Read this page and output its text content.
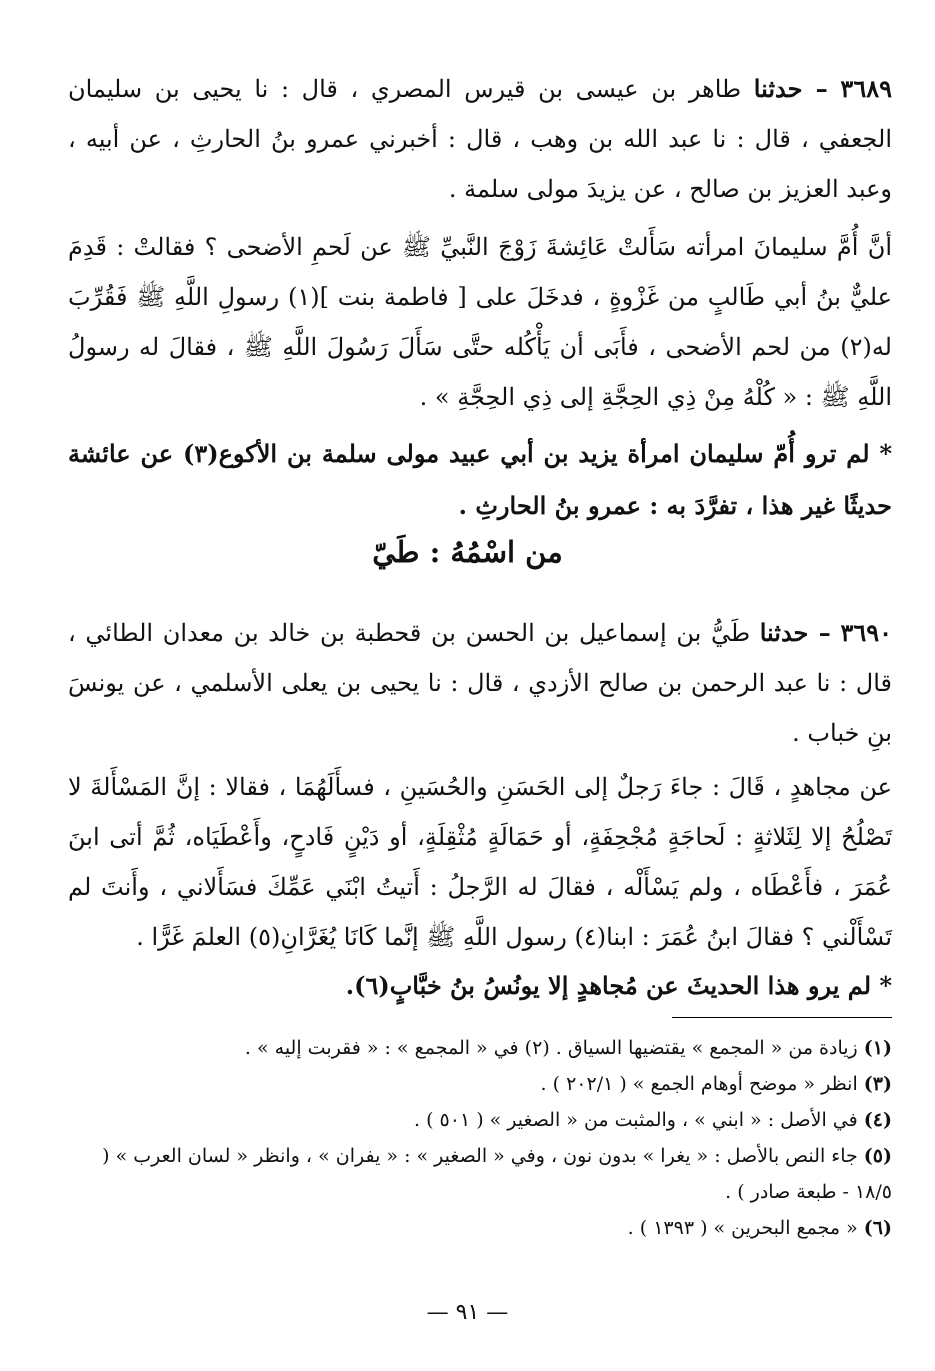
٣٦٨٩ – حدثنا طاهر بن عيسى بن قيرس المصري ، قال : نا يحيى بن سليمان الجعفي ، قال : نا عبد الله بن وهب ، قال : أخبرني عمرو بنُ الحارثِ ، عن أبيه ، وعبد العزيز بن صالح ، عن يزيدَ مولى سلمة .
أنَّ أُمَّ سليمانَ امرأته سَأَلتْ عَائِشةَ زَوْجَ النَّبيِّ ﷺ عن لَحمِ الأضحى ؟ فقالتْ : قَدِمَ عليٌّ بنُ أبي طَالبٍ من غَزْوةٍ ، فدخَلَ على [ فاطمة بنت ](١) رسولِ اللَّهِ ﷺ فَقُرِّبَ له(٢) من لحم الأضحى ، فأَبَى أن يَأْكُله حتَّى سَأَلَ رَسُولَ اللَّهِ ﷺ ، فقالَ له رسولُ اللَّهِ ﷺ : « كُلْهُ مِنْ ذِي الحِجَّةِ إلى ذِي الحِجَّةِ » .
* لم ترو أُمّ سليمان امرأة يزيد بن أبي عبيد مولى سلمة بن الأكوع(٣) عن عائشة حديثًا غير هذا ، تفرَّدَ به : عمرو بنُ الحارثِ .
من اسْمُهُ : طَيّ
٣٦٩٠ – حدثنا طَيُّ بن إسماعيل بن الحسن بن قحطبة بن خالد بن معدان الطائي ، قال : نا عبد الرحمن بن صالح الأزدي ، قال : نا يحيى بن يعلى الأسلمي ، عن يونسَ بنِ خباب .
عن مجاهدٍ ، قَالَ : جاءَ رَجلٌ إلى الحَسَنِ والحُسَينِ ، فسأَلَهُمَا ، فقالا : إنَّ المَسْأَلةَ لا تَصْلُحُ إلا لِثَلاثةٍ : لَحاجَةٍ مُجْحِفَةٍ، أو حَمَالَةٍ مُثْقِلَةٍ، أو دَيْنٍ فَادحٍ، وأَعْطَيَاه، ثُمَّ أتى ابنَ عُمَرَ ، فأَعْطَاه ، ولم يَسْأَلْه ، فقالَ له الرَّجلُ : أَتيتُ ابْنَي عَمِّكَ فسَأَلاني ، وأَنتَ لم تَسْأَلْني ؟ فقالَ ابنُ عُمَرَ : ابنا(٤) رسول اللَّهِ ﷺ إنَّما كَانَا يُغَرَّانِ(٥) العلمَ غَرًّا .
* لم يرو هذا الحديثَ عن مُجاهدٍ إلا يونُسُ بنُ خبَّابٍ(٦).
(١) زيادة من « المجمع » يقتضيها السياق . (٢) في « المجمع » : « فقربت إليه » .
(٣) انظر « موضح أوهام الجمع » ( ٢٠٢/١ ) .
(٤) في الأصل : « ابني » ، والمثبت من « الصغير » ( ٥٠١ ) .
(٥) جاء النص بالأصل : « يغرا » بدون نون ، وفي « الصغير » : « يفران » ، وانظر « لسان العرب » ( ١٨/٥ - طبعة صادر ) .
(٦) « مجمع البحرين » ( ١٣٩٣ ) .
— ٩١ —
